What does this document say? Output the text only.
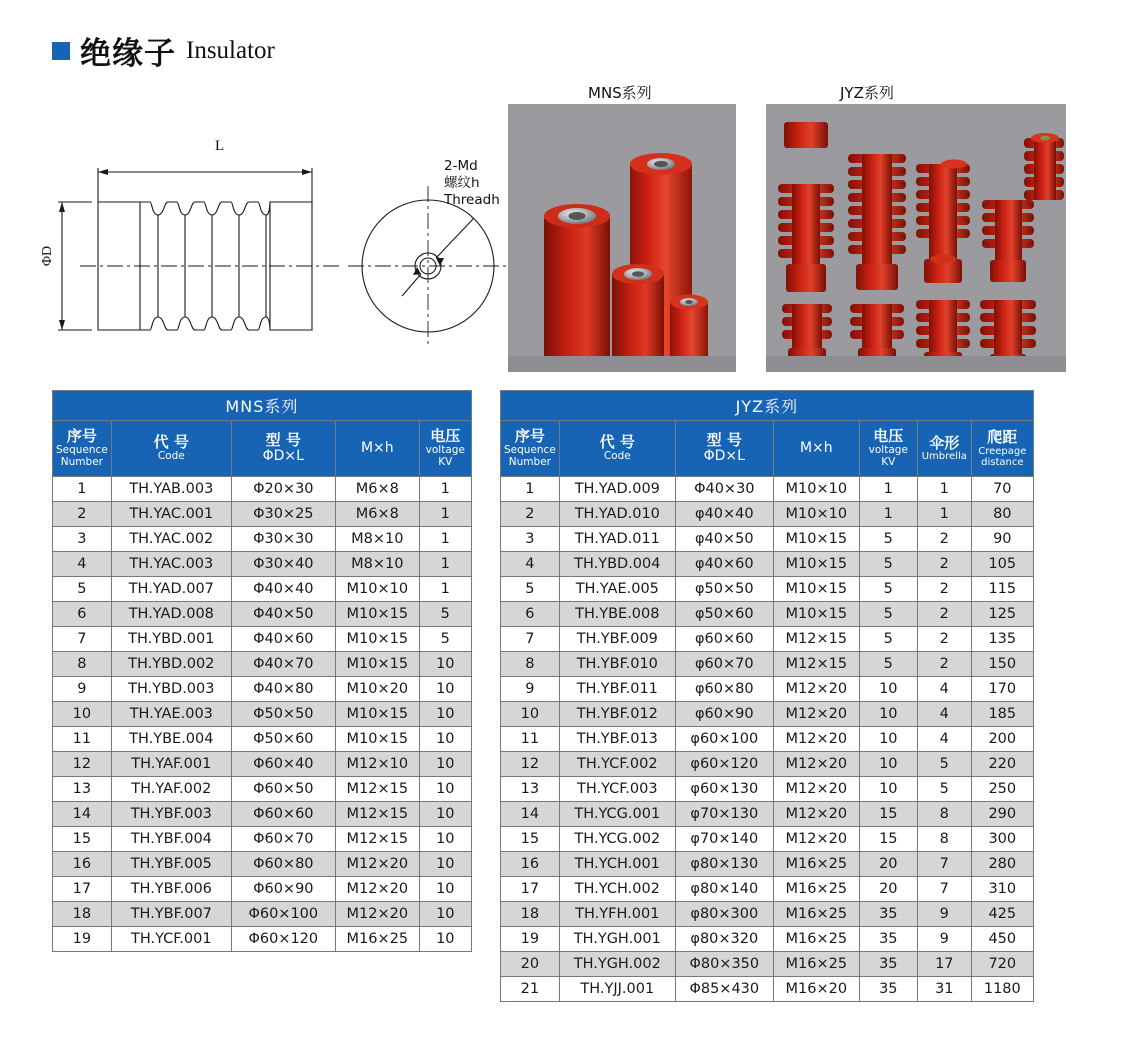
绝缘子 Insulator
L
ΦD
2-Md
螺纹h
Threadh
MNS系列	JYZ系列
MNS系列				

序号
Sequence
Number	代 号
Code	型 号
ΦD×L	M×h	电压
voltage
KV

1	TH.YAB.003	Φ20×30	M6×8	1
2	TH.YAC.001	Φ30×25	M6×8	1
3	TH.YAC.002	Φ30×30	M8×10	1
4	TH.YAC.003	Φ30×40	M8×10	1
5	TH.YAD.007	Φ40×40	M10×10	1
6	TH.YAD.008	Φ40×50	M10×15	5
7	TH.YBD.001	Φ40×60	M10×15	5
8	TH.YBD.002	Φ40×70	M10×15	10
9	TH.YBD.003	Φ40×80	M10×20	10
10	TH.YAE.003	Φ50×50	M10×15	10
11	TH.YBE.004	Φ50×60	M10×15	10
12	TH.YAF.001	Φ60×40	M12×10	10
13	TH.YAF.002	Φ60×50	M12×15	10
14	TH.YBF.003	Φ60×60	M12×15	10
15	TH.YBF.004	Φ60×70	M12×15	10
16	TH.YBF.005	Φ60×80	M12×20	10
17	TH.YBF.006	Φ60×90	M12×20	10
18	TH.YBF.007	Φ60×100	M12×20	10
19	TH.YCF.001	Φ60×120	M16×25	10
JYZ系列						

序号
Sequence
Number	代 号
Code	型 号
ΦD×L	M×h	电压
voltage
KV	伞形
Umbrella	爬距
Creepage
distance

1	TH.YAD.009	Φ40×30	M10×10	1	1	70
2	TH.YAD.010	φ40×40	M10×10	1	1	80
3	TH.YAD.011	φ40×50	M10×15	5	2	90
4	TH.YBD.004	φ40×60	M10×15	5	2	105
5	TH.YAE.005	φ50×50	M10×15	5	2	115
6	TH.YBE.008	φ50×60	M10×15	5	2	125
7	TH.YBF.009	φ60×60	M12×15	5	2	135
8	TH.YBF.010	φ60×70	M12×15	5	2	150
9	TH.YBF.011	φ60×80	M12×20	10	4	170
10	TH.YBF.012	φ60×90	M12×20	10	4	185
11	TH.YBF.013	φ60×100	M12×20	10	4	200
12	TH.YCF.002	φ60×120	M12×20	10	5	220
13	TH.YCF.003	φ60×130	M12×20	10	5	250
14	TH.YCG.001	φ70×130	M12×20	15	8	290
15	TH.YCG.002	φ70×140	M12×20	15	8	300
16	TH.YCH.001	φ80×130	M16×25	20	7	280
17	TH.YCH.002	φ80×140	M16×25	20	7	310
18	TH.YFH.001	φ80×300	M16×25	35	9	425
19	TH.YGH.001	φ80×320	M16×25	35	9	450
20	TH.YGH.002	Φ80×350	M16×25	35	17	720
21	TH.YJJ.001	Φ85×430	M16×20	35	31	1180
